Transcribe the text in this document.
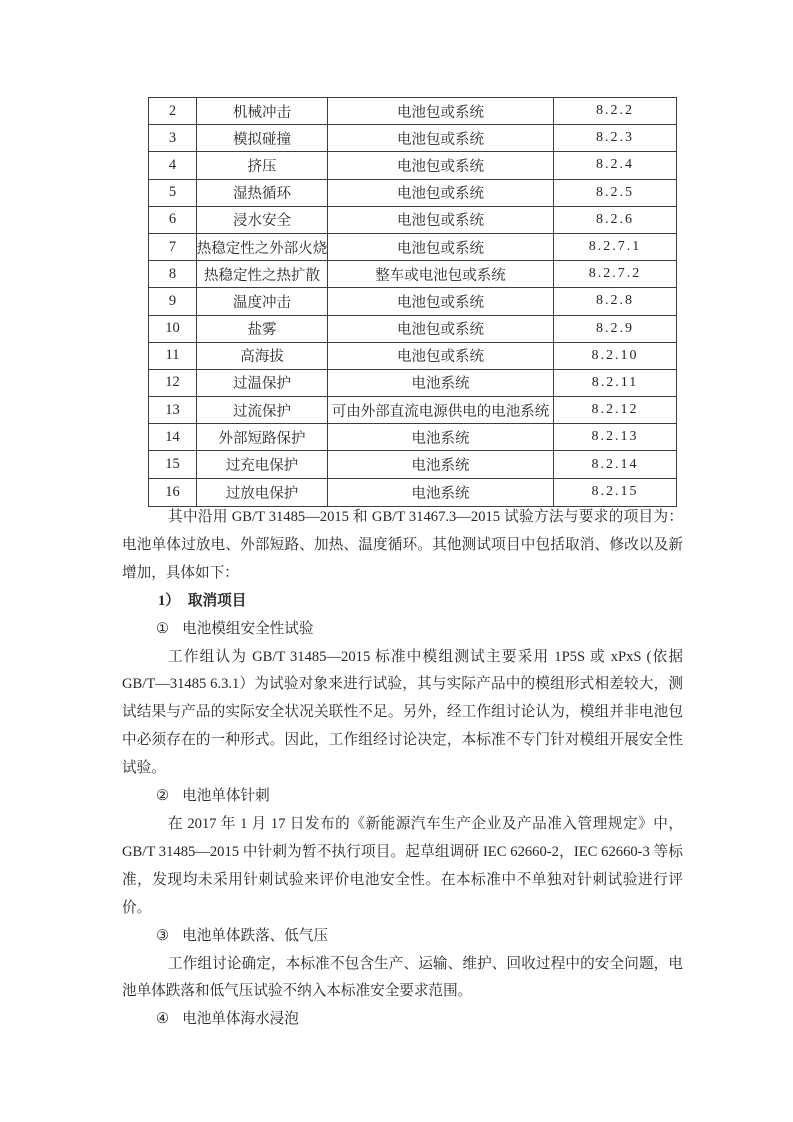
2	机械冲击	电池包或系统	8.2.2
3	模拟碰撞	电池包或系统	8.2.3
4	挤压	电池包或系统	8.2.4
5	湿热循环	电池包或系统	8.2.5
6	浸水安全	电池包或系统	8.2.6
7	热稳定性之外部火烧	电池包或系统	8.2.7.1
8	热稳定性之热扩散	整车或电池包或系统	8.2.7.2
9	温度冲击	电池包或系统	8.2.8
10	盐雾	电池包或系统	8.2.9
11	高海拔	电池包或系统	8.2.10
12	过温保护	电池系统	8.2.11
13	过流保护	可由外部直流电源供电的电池系统	8.2.12
14	外部短路保护	电池系统	8.2.13
15	过充电保护	电池系统	8.2.14
16	过放电保护	电池系统	8.2.15

其中沿用 GB/T 31485—2015 和 GB/T 31467.3—2015 试验方法与要求的项目为：电池单体过放电、外部短路、加热、温度循环。其他测试项目中包括取消、修改以及新增加，具体如下：

1） 取消项目
① 电池模组安全性试验

工作组认为 GB/T 31485—2015 标准中模组测试主要采用 1P5S 或 xPxS (依据 GB/T—31485 6.3.1）为试验对象来进行试验，其与实际产品中的模组形式相差较大，测试结果与产品的实际安全状况关联性不足。另外，经工作组讨论认为，模组并非电池包中必须存在的一种形式。因此，工作组经讨论决定，本标准不专门针对模组开展安全性试验。

② 电池单体针刺

在 2017 年 1 月 17 日发布的《新能源汽车生产企业及产品准入管理规定》中，GB/T 31485—2015 中针刺为暂不执行项目。起草组调研 IEC 62660-2，IEC 62660-3 等标准，发现均未采用针刺试验来评价电池安全性。在本标准中不单独对针刺试验进行评价。

③ 电池单体跌落、低气压

工作组讨论确定，本标准不包含生产、运输、维护、回收过程中的安全问题，电池单体跌落和低气压试验不纳入本标准安全要求范围。

④ 电池单体海水浸泡
